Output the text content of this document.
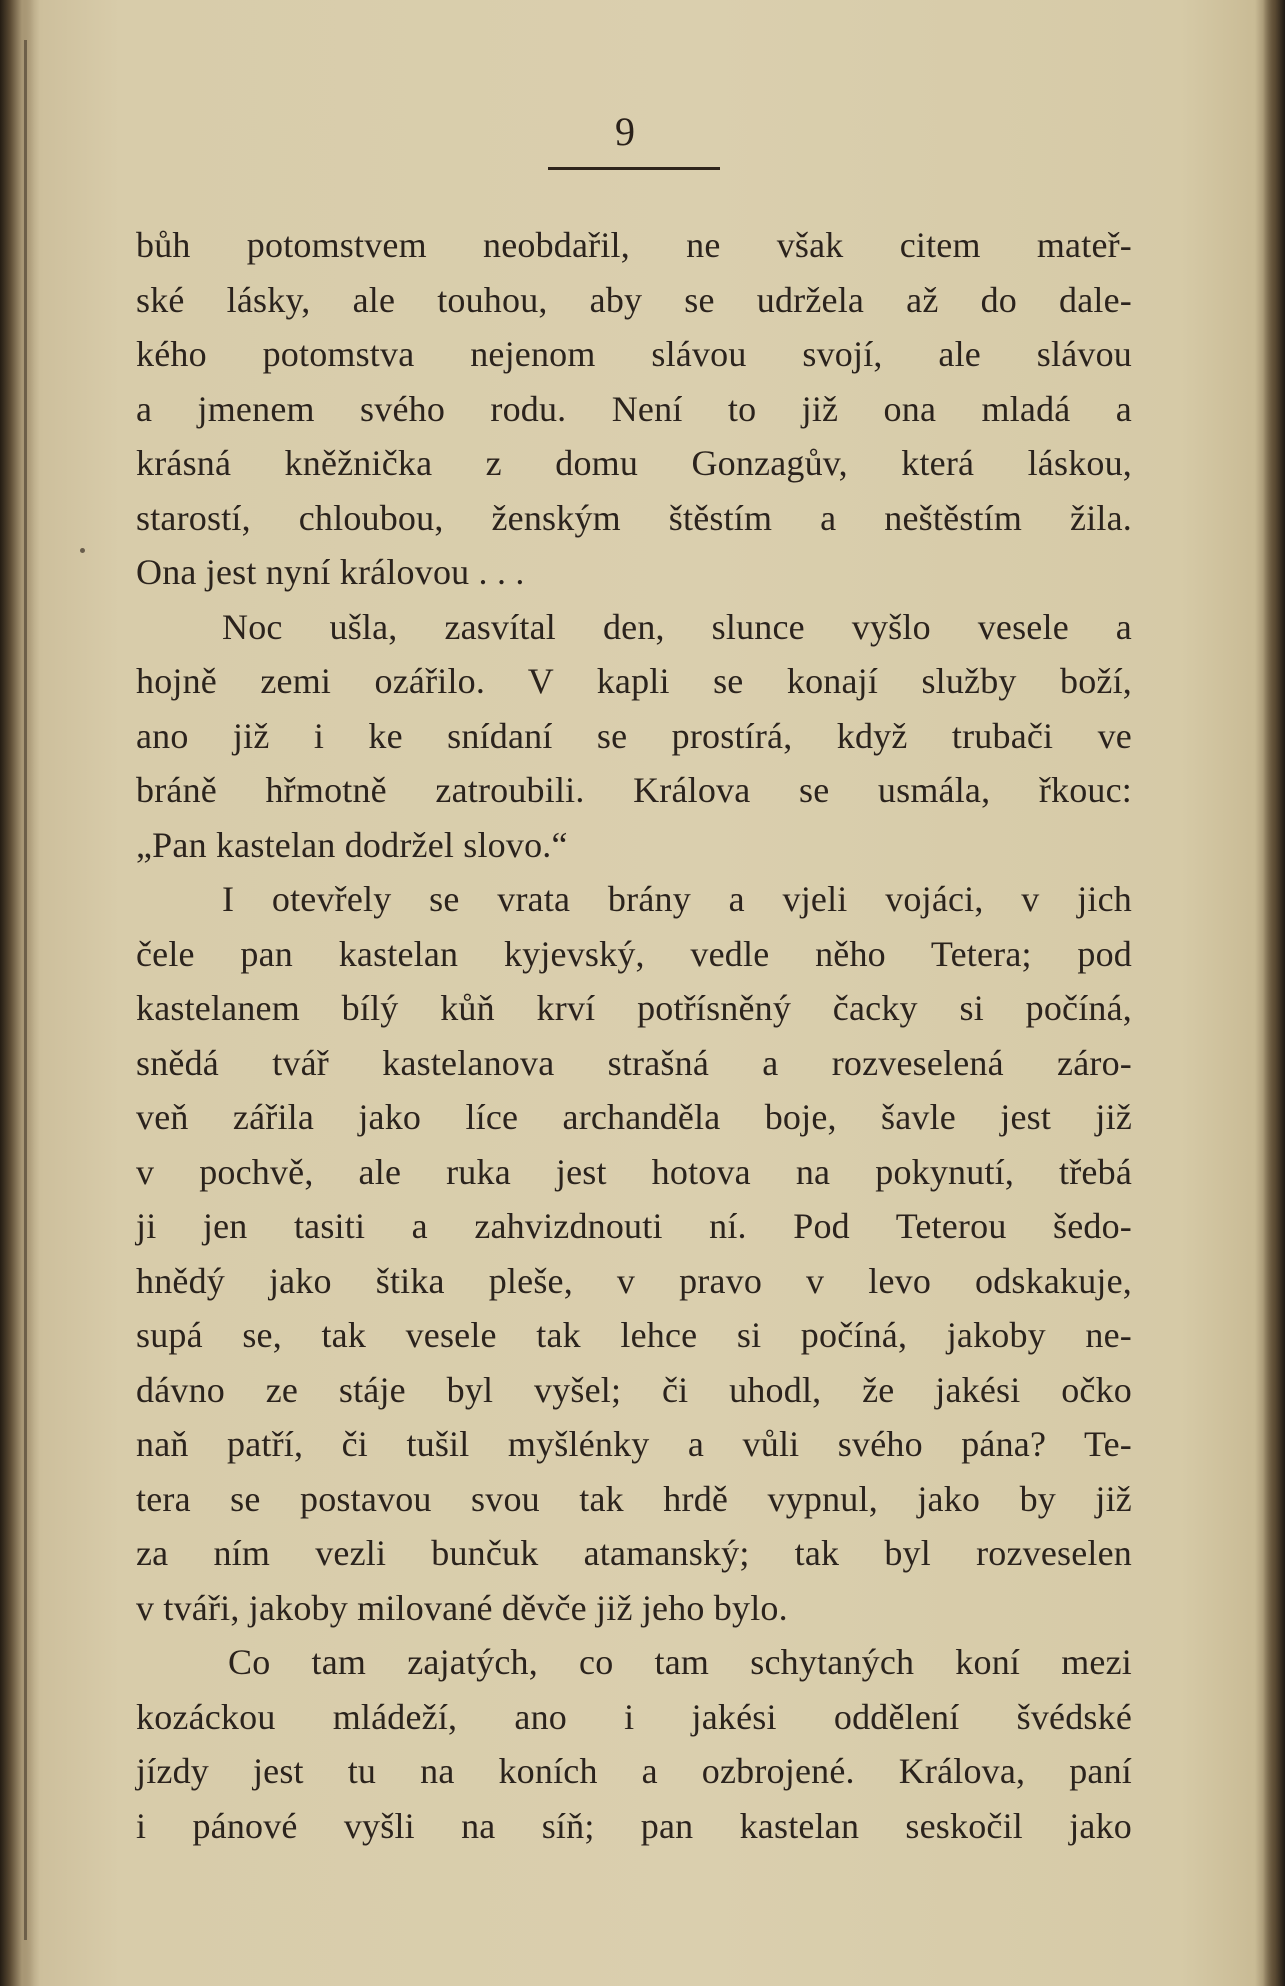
9
bůh potomstvem neobdařil, ne však citem mateř-
ské lásky, ale touhou, aby se udržela až do dale-
kého potomstva nejenom slávou svojí, ale slávou
a jmenem svého rodu. Není to již ona mladá a
krásná kněžnička z domu Gonzagův, která láskou,
starostí, chloubou, ženským štěstím a neštěstím žila.
Ona jest nyní královou . . .
Noc ušla, zasvítal den, slunce vyšlo vesele a
hojně zemi ozářilo. V kapli se konají služby boží,
ano již i ke snídaní se prostírá, když trubači ve
bráně hřmotně zatroubili. Královа se usmála, řkouc:
„Pan kastelan dodržel slovo.“
I otevřely se vrata brány a vjeli vojáci, v jich
čele pan kastelan kyjevský, vedle něho Tetera; pod
kastelanem bílý kůň krví potřísněný čacky si počíná,
snědá tvář kastelanova strašná a rozveselená záro-
veň zářila jako líce archanděla boje, šavle jest již
v pochvě, ale ruka jest hotova na pokynutí, třebá
ji jen tasiti a zahvizdnouti ní. Pod Teterou šedo-
hnědý jako štika pleše, v pravo v levo odskakuje,
supá se, tak vesele tak lehce si počíná, jakoby ne-
dávno ze stáje byl vyšel; či uhodl, že jakési očko
naň patří, či tušil myšlénky a vůli svého pána? Te-
tera se postavou svou tak hrdě vypnul, jako by již
za ním vezli bunčuk atamanský; tak byl rozveselen
v tváři, jakoby milované děvče již jeho bylo.
Co tam zajatých, co tam schytaných koní mezi
kozáckou mládeží, ano i jakési oddělení švédské
jízdy jest tu na koních a ozbrojené. Králova, paní
i pánové vyšli na síň; pan kastelan seskočil jako
